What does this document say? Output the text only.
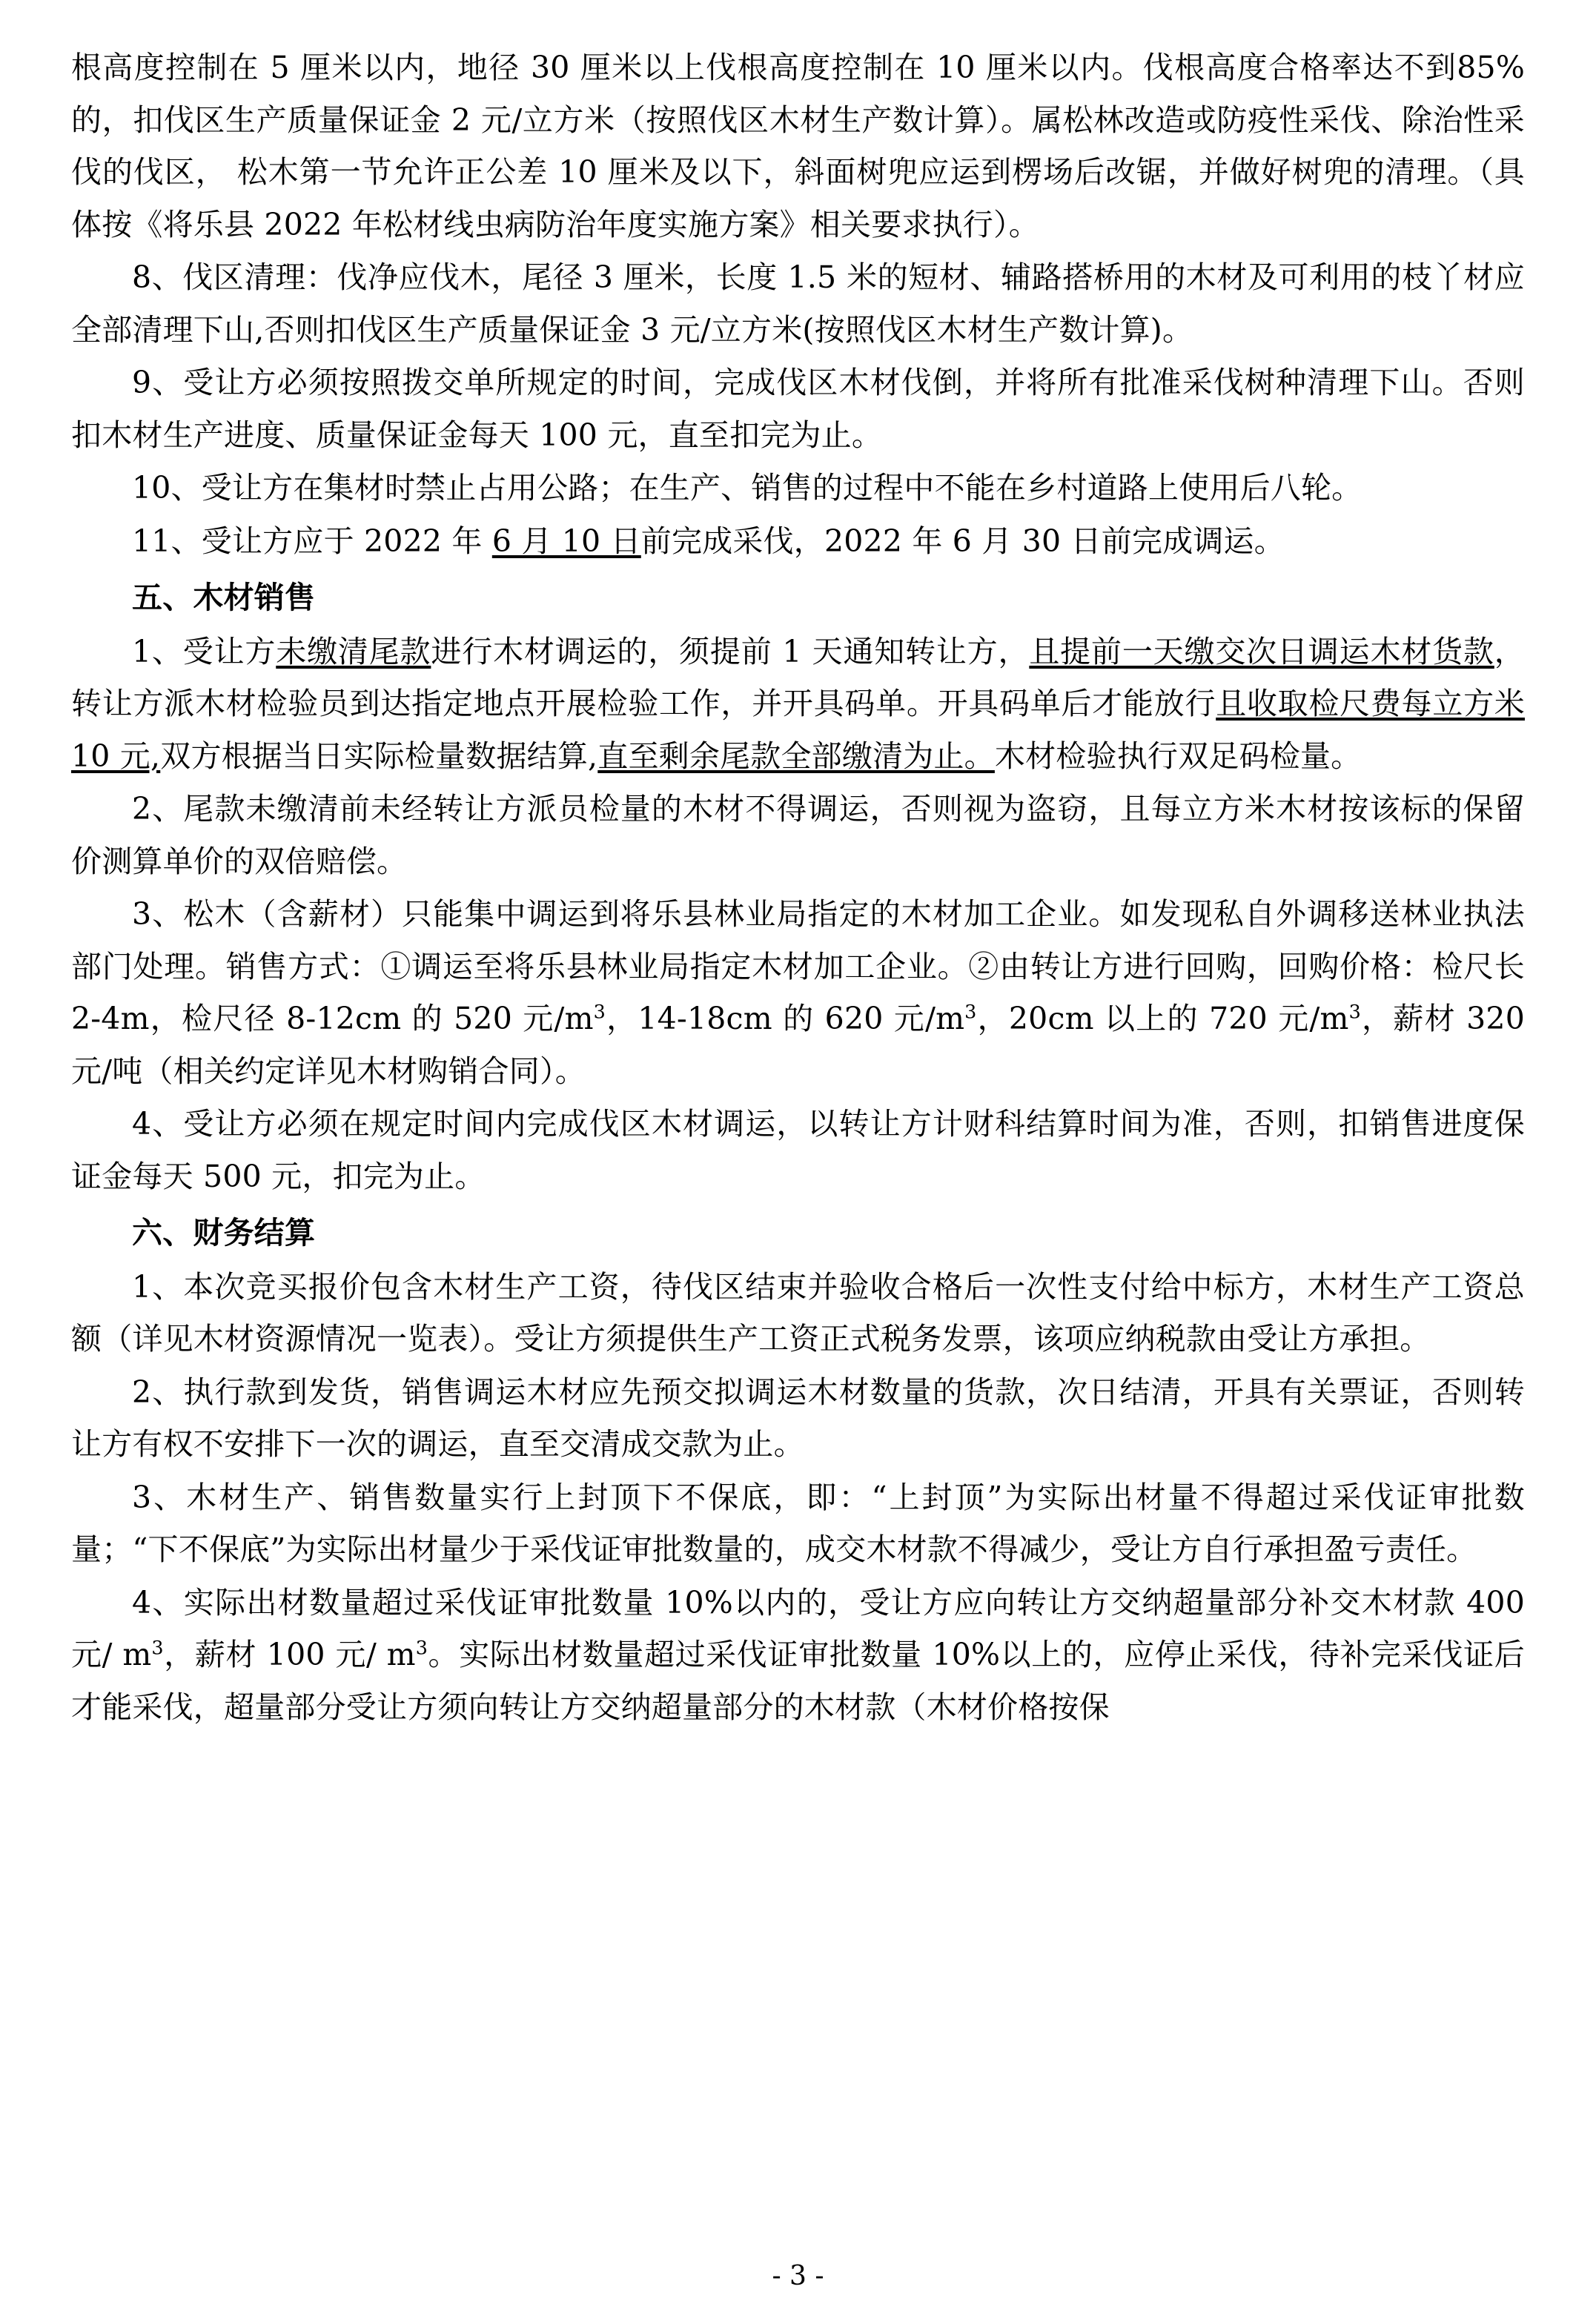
根高度控制在 5 厘米以内，地径 30 厘米以上伐根高度控制在 10 厘米以内。伐根高度合格率达不到85%的，扣伐区生产质量保证金 2 元/立方米（按照伐区木材生产数计算）。属松林改造或防疫性采伐、除治性采伐的伐区， 松木第一节允许正公差 10 厘米及以下，斜面树兜应运到楞场后改锯，并做好树兜的清理。（具体按《将乐县 2022 年松材线虫病防治年度实施方案》相关要求执行）。

8、伐区清理：伐净应伐木，尾径 3 厘米，长度 1.5 米的短材、辅路搭桥用的木材及可利用的枝丫材应全部清理下山,否则扣伐区生产质量保证金 3 元/立方米(按照伐区木材生产数计算)。

9、受让方必须按照拨交单所规定的时间，完成伐区木材伐倒，并将所有批准采伐树种清理下山。否则扣木材生产进度、质量保证金每天 100 元，直至扣完为止。

10、受让方在集材时禁止占用公路；在生产、销售的过程中不能在乡村道路上使用后八轮。

11、受让方应于 2022 年 6 月 10 日前完成采伐，2022 年 6 月 30 日前完成调运。

五、木材销售

1、受让方未缴清尾款进行木材调运的，须提前 1 天通知转让方，且提前一天缴交次日调运木材货款，转让方派木材检验员到达指定地点开展检验工作，并开具码单。开具码单后才能放行且收取检尺费每立方米 10 元,双方根据当日实际检量数据结算,直至剩余尾款全部缴清为止。木材检验执行双足码检量。

2、尾款未缴清前未经转让方派员检量的木材不得调运，否则视为盗窃，且每立方米木材按该标的保留价测算单价的双倍赔偿。

3、松木（含薪材）只能集中调运到将乐县林业局指定的木材加工企业。如发现私自外调移送林业执法部门处理。销售方式：①调运至将乐县林业局指定木材加工企业。②由转让方进行回购，回购价格：检尺长 2-4m，检尺径 8-12cm 的 520 元$/m^3$，14-18cm 的 620 元$/m^3$，20cm 以上的 720 元$/m^3$，薪材 320 元/吨（相关约定详见木材购销合同）。

4、受让方必须在规定时间内完成伐区木材调运，以转让方计财科结算时间为准，否则，扣销售进度保证金每天 500 元，扣完为止。

六、财务结算

1、本次竞买报价包含木材生产工资，待伐区结束并验收合格后一次性支付给中标方，木材生产工资总额（详见木材资源情况一览表）。受让方须提供生产工资正式税务发票，该项应纳税款由受让方承担。

2、执行款到发货，销售调运木材应先预交拟调运木材数量的货款，次日结清，开具有关票证，否则转让方有权不安排下一次的调运，直至交清成交款为止。

3、木材生产、销售数量实行上封顶下不保底，即：“上封顶”为实际出材量不得超过采伐证审批数量；“下不保底”为实际出材量少于采伐证审批数量的，成交木材款不得减少，受让方自行承担盈亏责任。

4、实际出材数量超过采伐证审批数量 10%以内的，受让方应向转让方交纳超量部分补交木材款 400 元/ $m^3$，薪材 100 元/ $m^3$。实际出材数量超过采伐证审批数量 10%以上的，应停止采伐，待补完采伐证后才能采伐，超量部分受让方须向转让方交纳超量部分的木材款（木材价格按保

- 3 -
